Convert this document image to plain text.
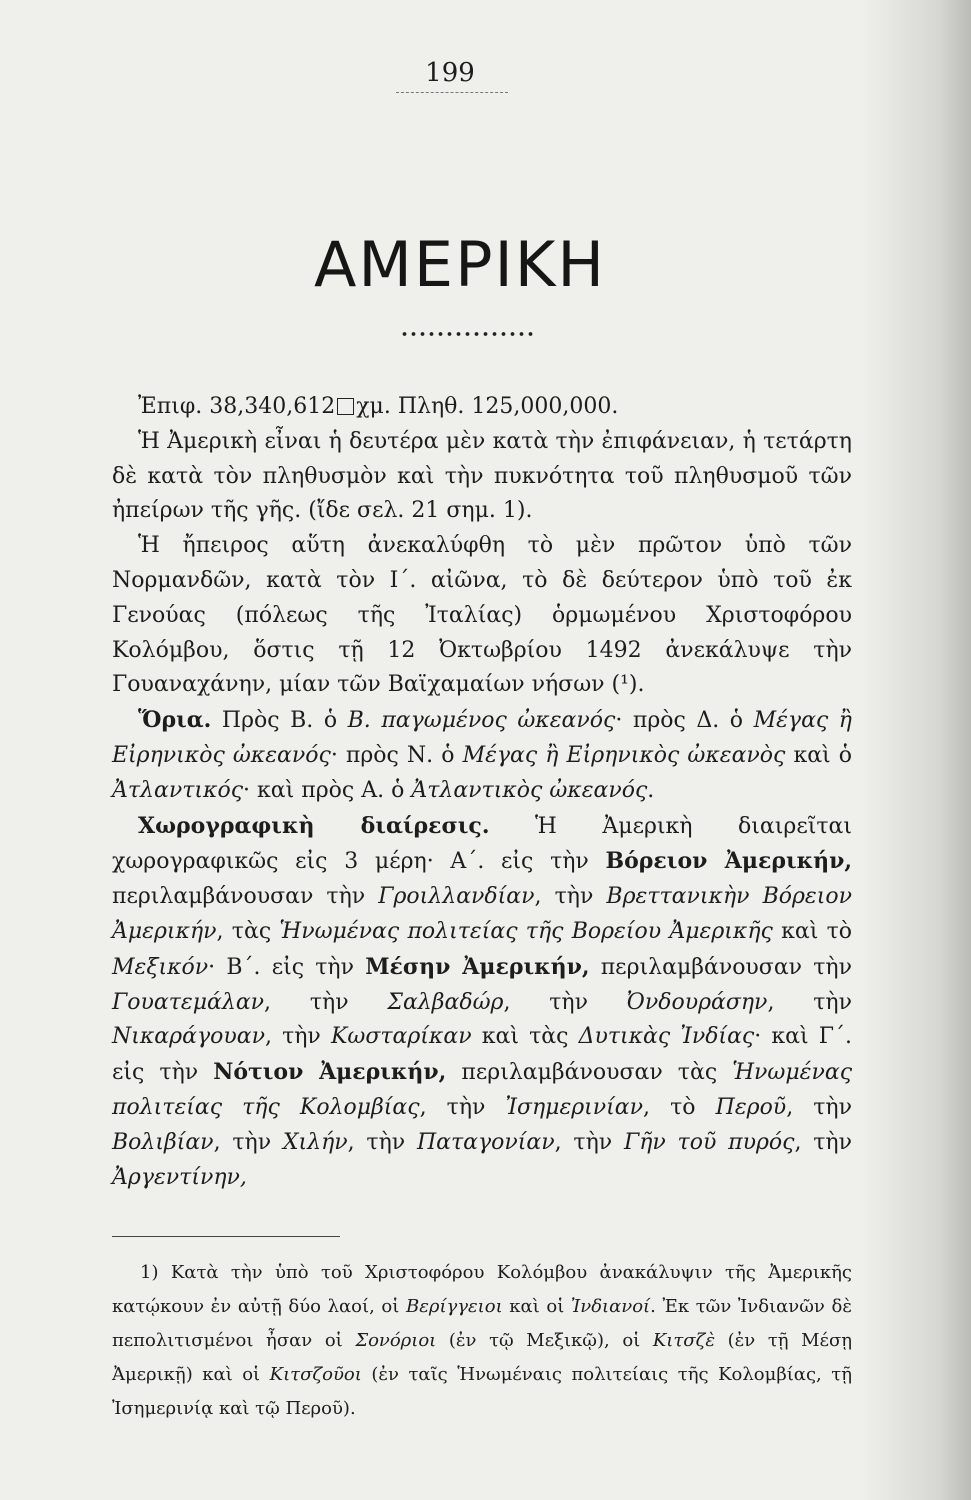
199
ΑΜΕΡΙΚΗ

Ἐπιφ. 38,340,612 χμ. Πληθ. 125,000,000.

Ἡ Ἀμερικὴ εἶναι ἡ δευτέρα μὲν κατὰ τὴν ἐπιφάνειαν, ἡ τετάρτη δὲ κατὰ τὸν πληθυσμὸν καὶ τὴν πυκνότητα τοῦ πληθυσμοῦ τῶν ἠπείρων τῆς γῆς. (ἴδε σελ. 21 σημ. 1).

Ἡ ἤπειρος αὕτη ἀνεκαλύφθη τὸ μὲν πρῶτον ὑπὸ τῶν Νορμανδῶν, κατὰ τὸν Ι΄. αἰῶνα, τὸ δὲ δεύτερον ὑπὸ τοῦ ἐκ Γενούας (πόλεως τῆς Ἰταλίας) ὁρμωμένου Χριστοφόρου Κολόμβου, ὅστις τῇ 12 Ὀκτωβρίου 1492 ἀνεκάλυψε τὴν Γουαναχάνην, μίαν τῶν Βαϊχαμαίων νήσων (¹).

Ὅρια. Πρὸς Β. ὁ Β. παγωμένος ὠκεανός· πρὸς Δ. ὁ Μέγας ἢ Εἰρηνικὸς ὠκεανός· πρὸς Ν. ὁ Μέγας ἢ Εἰρηνικὸς ὠκεανὸς καὶ ὁ Ἀτλαντικός· καὶ πρὸς Α. ὁ Ἀτλαντικὸς ὠκεανός.

Χωρογραφικὴ διαίρεσις. Ἡ Ἀμερικὴ διαιρεῖται χωρογραφικῶς εἰς 3 μέρη· Α΄. εἰς τὴν Βόρειον Ἀμερικήν, περιλαμβάνουσαν τὴν Γροιλλανδίαν, τὴν Βρεττανικὴν Βόρειον Ἀμερικήν, τὰς Ἡνωμένας πολιτείας τῆς Βορείου Ἀμερικῆς καὶ τὸ Μεξικόν· Β΄. εἰς τὴν Μέσην Ἀμερικήν, περιλαμβάνουσαν τὴν Γουατεμάλαν, τὴν Σαλβαδώρ, τὴν Ὀνδουράσην, τὴν Νικαράγουαν, τὴν Κωσταρίκαν καὶ τὰς Δυτικὰς Ἰνδίας· καὶ Γ΄. εἰς τὴν Νότιον Ἀμερικήν, περιλαμβάνουσαν τὰς Ἡνωμένας πολιτείας τῆς Κολομβίας, τὴν Ἰσημερινίαν, τὸ Περοῦ, τὴν Βολιβίαν, τὴν Χιλήν, τὴν Παταγονίαν, τὴν Γῆν τοῦ πυρός, τὴν Ἀργεντίνην,

1) Κατὰ τὴν ὑπὸ τοῦ Χριστοφόρου Κολόμβου ἀνακάλυψιν τῆς Ἀμερικῆς κατῴκουν ἐν αὐτῇ δύο λαοί, οἱ Βερίγγειοι καὶ οἱ Ἰνδιανοί. Ἐκ τῶν Ἰνδιανῶν δὲ πεπολιτισμένοι ἦσαν οἱ Σονόριοι (ἐν τῷ Μεξικῷ), οἱ Κιτσζὲ (ἐν τῇ Μέσῃ Ἀμερικῇ) καὶ οἱ Κιτσζοῦοι (ἐν ταῖς Ἡνωμέναις πολιτείαις τῆς Κολομβίας, τῇ Ἰσημερινίᾳ καὶ τῷ Περοῦ).
